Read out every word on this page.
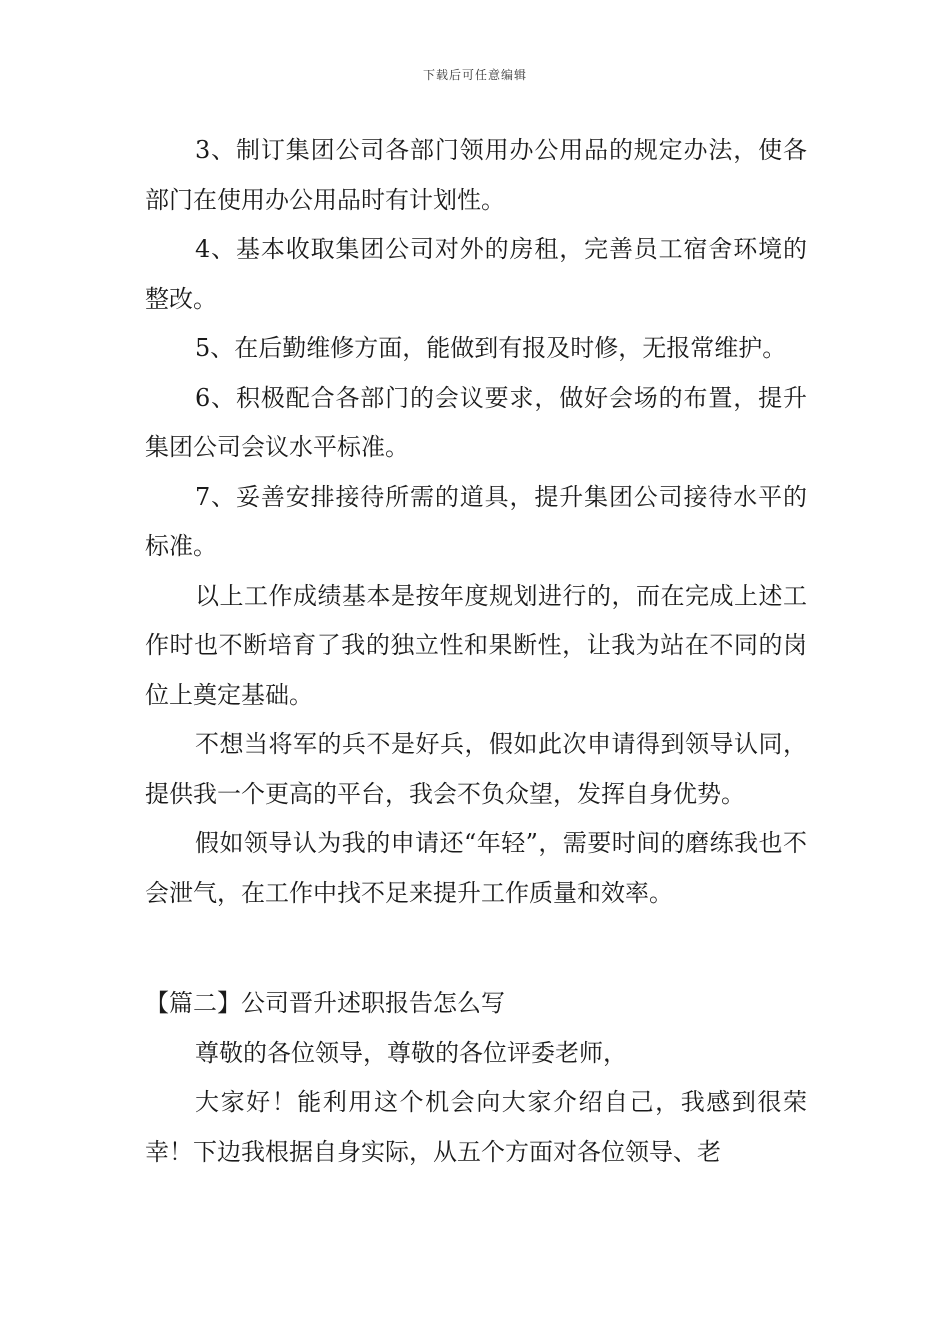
下载后可任意编辑

3、制订集团公司各部门领用办公用品的规定办法，使各部门在使用办公用品时有计划性。

4、基本收取集团公司对外的房租，完善员工宿舍环境的整改。

5、在后勤维修方面，能做到有报及时修，无报常维护。

6、积极配合各部门的会议要求，做好会场的布置，提升集团公司会议水平标准。

7、妥善安排接待所需的道具，提升集团公司接待水平的标准。

以上工作成绩基本是按年度规划进行的，而在完成上述工作时也不断培育了我的独立性和果断性，让我为站在不同的岗位上奠定基础。

不想当将军的兵不是好兵，假如此次申请得到领导认同，提供我一个更高的平台，我会不负众望，发挥自身优势。

假如领导认为我的申请还“年轻”，需要时间的磨练我也不会泄气，在工作中找不足来提升工作质量和效率。

【篇二】公司晋升述职报告怎么写

尊敬的各位领导，尊敬的各位评委老师，

大家好！能利用这个机会向大家介绍自己，我感到很荣幸！下边我根据自身实际，从五个方面对各位领导、老
